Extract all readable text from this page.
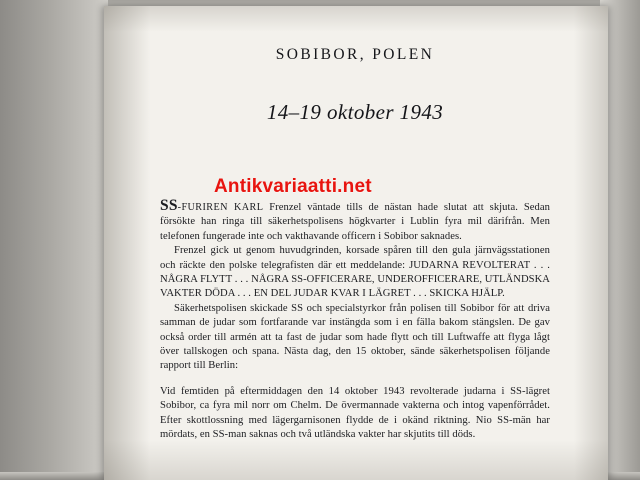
SOBIBOR, POLEN
14–19 oktober 1943

SS-FURIREN KARL Frenzel väntade tills de nästan hade slutat att skjuta. Sedan försökte han ringa till säkerhetspolisens högkvarter i Lublin fyra mil därifrån. Men telefonen fungerade inte och vakthavande officern i Sobibor saknades.

Frenzel gick ut genom huvudgrinden, korsade spåren till den gula järnvägsstationen och räckte den polske telegrafisten där ett meddelande: JUDARNA REVOLTERAT . . . NÅGRA FLYTT . . . NÅGRA SS-OFFICERARE, UNDEROFFICERARE, UTLÄNDSKA VAKTER DÖDA . . . EN DEL JUDAR KVAR I LÄGRET . . . SKICKA HJÄLP.

Säkerhetspolisen skickade SS och specialstyrkor från polisen till Sobibor för att driva samman de judar som fortfarande var instängda som i en fälla bakom stängslen. De gav också order till armén att ta fast de judar som hade flytt och till Luftwaffe att flyga lågt över tallskogen och spana. Nästa dag, den 15 oktober, sände säkerhetspolisen följande rapport till Berlin:

Vid femtiden på eftermiddagen den 14 oktober 1943 revolterade judarna i SS-lägret Sobibor, ca fyra mil norr om Chelm. De övermannade vakterna och intog vapenförrådet. Efter skottlossning med lägergarnisonen flydde de i okänd riktning. Nio SS-män har mördats, en SS-man saknas och två utländska vakter har skjutits till döds.

Antikvariaatti.net
